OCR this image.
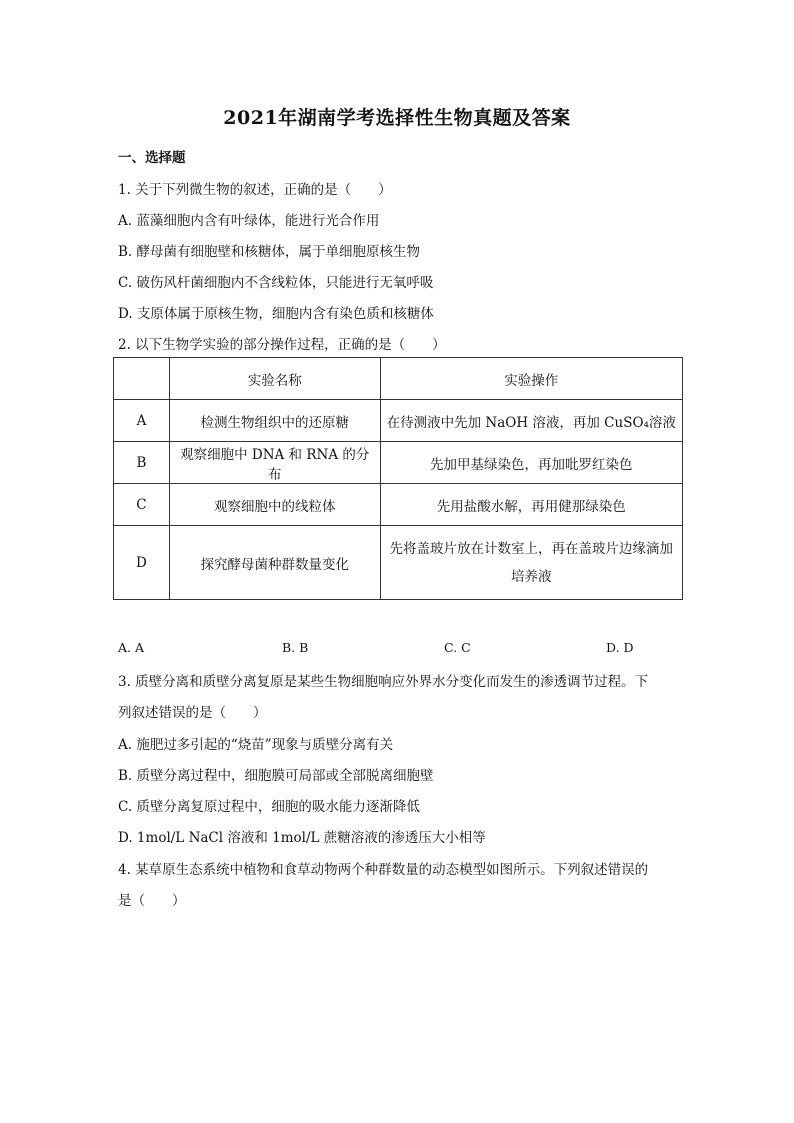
2021年湖南学考选择性生物真题及答案
一、选择题
1. 关于下列微生物的叙述，正确的是（　　）
A. 蓝藻细胞内含有叶绿体，能进行光合作用
B. 酵母菌有细胞壁和核糖体，属于单细胞原核生物
C. 破伤风杆菌细胞内不含线粒体，只能进行无氧呼吸
D. 支原体属于原核生物，细胞内含有染色质和核糖体
2. 以下生物学实验的部分操作过程，正确的是（　　）
	实验名称	实验操作
A	检测生物组织中的还原糖	在待测液中先加 NaOH 溶液，再加 CuSO₄溶液
B	观察细胞中 DNA 和 RNA 的分布	先加甲基绿染色，再加吡罗红染色
C	观察细胞中的线粒体	先用盐酸水解，再用健那绿染色
D	探究酵母菌种群数量变化	先将盖玻片放在计数室上，再在盖玻片边缘滴加培养液
A. A	B. B	C. C	D. D
3. 质壁分离和质壁分离复原是某些生物细胞响应外界水分变化而发生的渗透调节过程。下
列叙述错误的是（　　）
A. 施肥过多引起的“烧苗”现象与质壁分离有关
B. 质壁分离过程中，细胞膜可局部或全部脱离细胞壁
C. 质壁分离复原过程中，细胞的吸水能力逐渐降低
D. 1mol/L NaCl 溶液和 1mol/L 蔗糖溶液的渗透压大小相等
4. 某草原生态系统中植物和食草动物两个种群数量的动态模型如图所示。下列叙述错误的
是（　　）
